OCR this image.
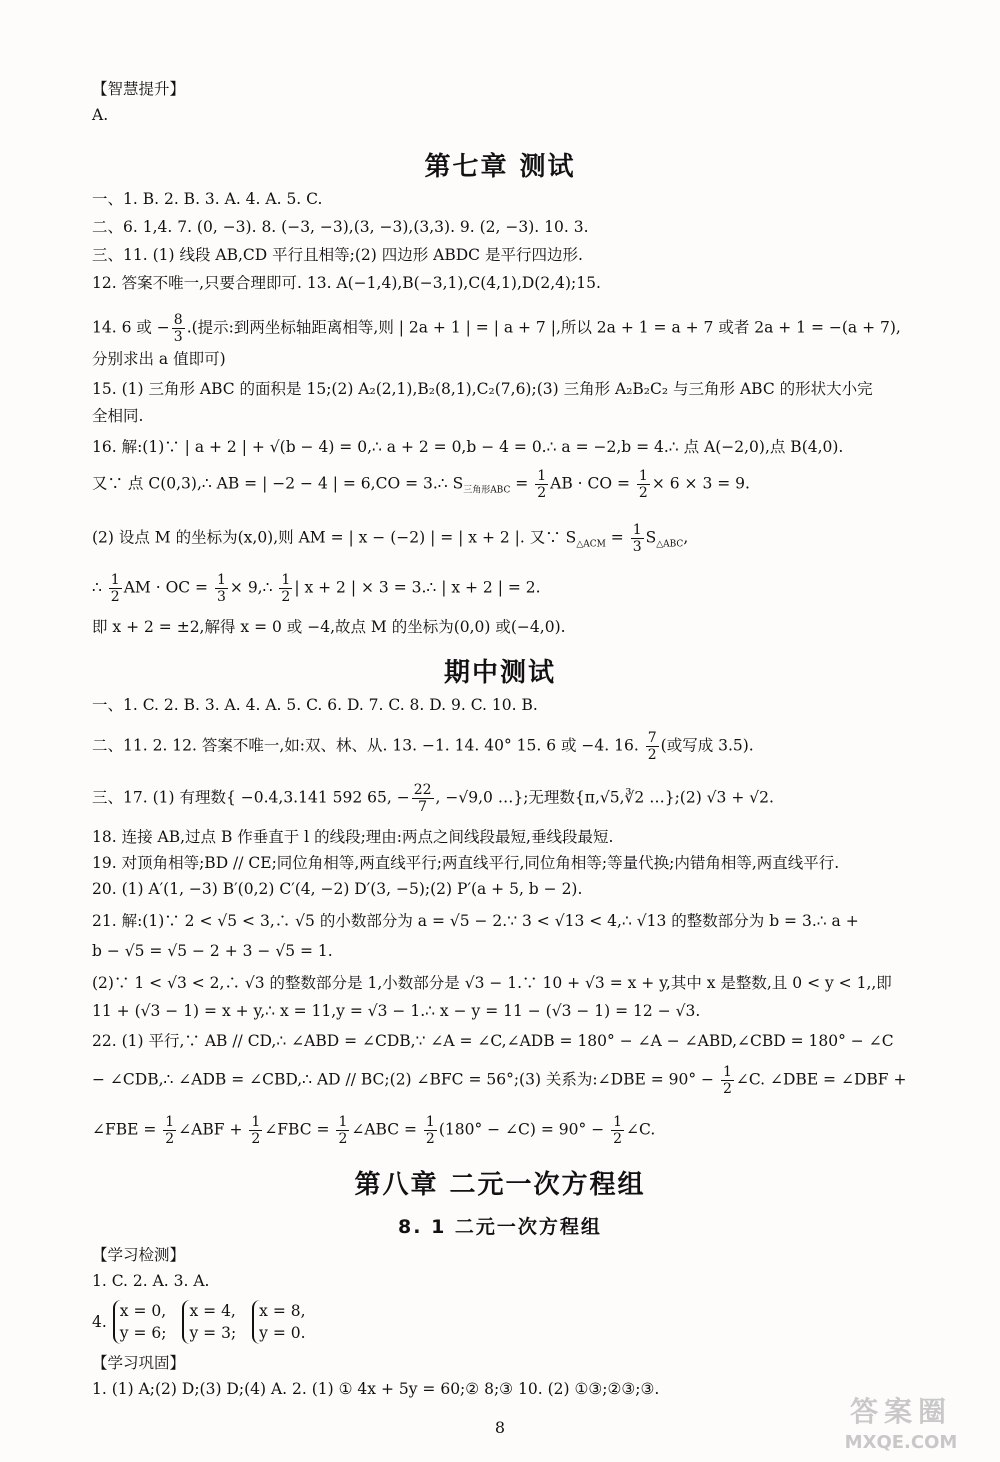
【智慧提升】
A.
第七章 测试
一、1. B. 2. B. 3. A. 4. A. 5. C.
二、6. 1,4. 7. (0, −3). 8. (−3, −3),(3, −3),(3,3). 9. (2, −3). 10. 3.
三、11. (1) 线段 AB,CD 平行且相等;(2) 四边形 ABDC 是平行四边形.
12. 答案不唯一,只要合理即可. 13. A(−1,4),B(−3,1),C(4,1),D(2,4);15.
14. 6 或 − $\frac{8}{3}$ .(提示:到两坐标轴距离相等,则 | 2a + 1 | = | a + 7 |,所以 2a + 1 = a + 7 或者 2a + 1 = −(a + 7),
分别求出 a 值即可)
15. (1) 三角形 ABC 的面积是 15;(2) A₂(2,1),B₂(8,1),C₂(7,6);(3) 三角形 A₂B₂C₂ 与三角形 ABC 的形状大小完
全相同.
16. 解:(1)∵ | a + 2 | + √(b − 4) = 0,∴ a + 2 = 0,b − 4 = 0.∴ a = −2,b = 4.∴ 点 A(−2,0),点 B(4,0).
又∵ 点 C(0,3),∴ AB = | −2 − 4 | = 6,CO = 3.∴ $S_{三角形ABC} = \frac{1}{2}$ AB · CO = $\frac{1}{2} \times 6 \times 3 = 9$.
(2) 设点 M 的坐标为(x,0),则 AM = | x − (−2) | = | x + 2 |. 又∵ $S_{\triangle ACM} = \frac{1}{3} S_{\triangle ABC}$,
∴ $\frac{1}{2}$ AM · OC = $\frac{1}{3}$ × 9,∴ $\frac{1}{2}$ | x + 2 | × 3 = 3.∴ | x + 2 | = 2.
即 x + 2 = ±2,解得 x = 0 或 −4,故点 M 的坐标为(0,0) 或(−4,0).
期中测试
一、1. C. 2. B. 3. A. 4. A. 5. C. 6. D. 7. C. 8. D. 9. C. 10. B.
二、11. 2. 12. 答案不唯一,如:双、林、从. 13. −1. 14. 40° 15. 6 或 −4. 16. $\frac{7}{2}$ (或写成 3.5).
三、17. (1) 有理数{ −0.4,3.141 592 65, − $\frac{22}{7}$ , −√9,0 …};无理数{π,√5,∛2 …};(2) √3 + √2.
18. 连接 AB,过点 B 作垂直于 l 的线段;理由:两点之间线段最短,垂线段最短.
19. 对顶角相等;BD // CE;同位角相等,两直线平行;两直线平行,同位角相等;等量代换;内错角相等,两直线平行.
20. (1) A′(1, −3) B′(0,2) C′(4, −2) D′(3, −5);(2) P′(a + 5, b − 2).
21. 解:(1)∵ 2 < √5 < 3,∴ √5 的小数部分为 a = √5 − 2.∵ 3 < √13 < 4,∴ √13 的整数部分为 b = 3.∴ a +
b − √5 = √5 − 2 + 3 − √5 = 1.
(2)∵ 1 < √3 < 2,∴ √3 的整数部分是 1,小数部分是 √3 − 1.∵ 10 + √3 = x + y,其中 x 是整数,且 0 < y < 1,,即
11 + (√3 − 1) = x + y,∴ x = 11,y = √3 − 1.∴ x − y = 11 − (√3 − 1) = 12 − √3.
22. (1) 平行,∵ AB // CD,∴ ∠ABD = ∠CDB,∵ ∠A = ∠C,∠ADB = 180° − ∠A − ∠ABD,∠CBD = 180° − ∠C
− ∠CDB,∴ ∠ADB = ∠CBD,∴ AD // BC;(2) ∠BFC = 56°;(3) 关系为:∠DBE = $90^\circ - \frac{1}{2}$ ∠C. ∠DBE = ∠DBF +
∠FBE = $\frac{1}{2}$ ∠ABF + $\frac{1}{2}$ ∠FBC = $\frac{1}{2}$ ∠ABC = $\frac{1}{2} (180^\circ$ − ∠C) = $90^\circ - \frac{1}{2}$ ∠C.
第八章 二元一次方程组
8. 1 二元一次方程组
【学习检测】
1. C. 2. A. 3. A.
4.x = 0,
y = 6;x = 4,
y = 3;x = 8,
y = 0.
【学习巩固】
1. (1) A;(2) D;(3) D;(4) A. 2. (1) ① 4x + 5y = 60;② 8;③ 10. (2) ①③;②③;③.
8	答案圈
MXQE.COM
